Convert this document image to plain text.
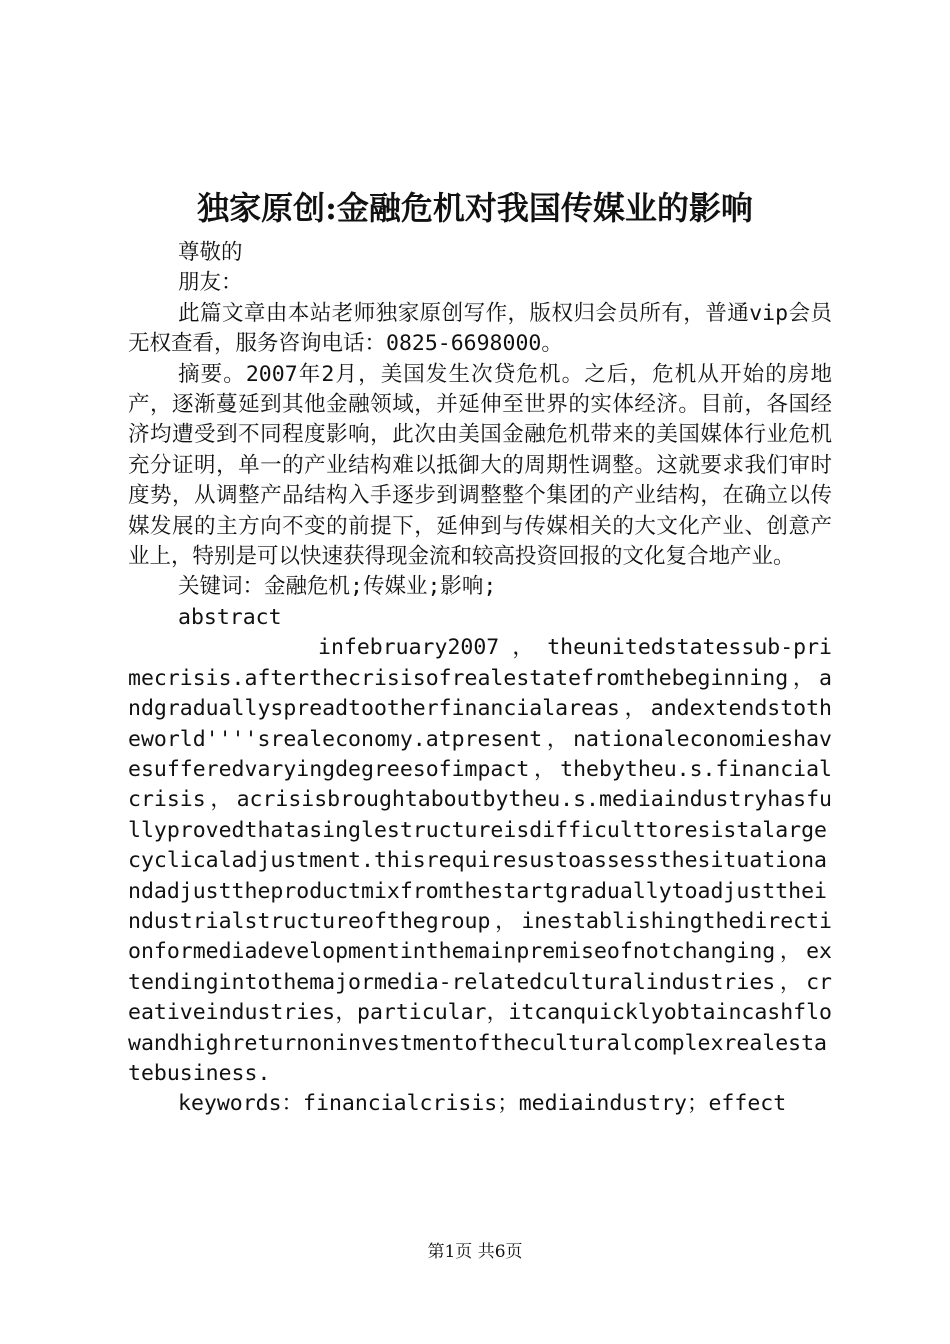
独家原创:金融危机对我国传媒业的影响

尊敬的

朋友：

此篇文章由本站老师独家原创写作，版权归会员所有，普通vip会员无权查看，服务咨询电话：0825-6698000。

摘要。2007年2月，美国发生次贷危机。之后，危机从开始的房地产，逐渐蔓延到其他金融领域，并延伸至世界的实体经济。目前，各国经济均遭受到不同程度影响，此次由美国金融危机带来的美国媒体行业危机充分证明，单一的产业结构难以抵御大的周期性调整。这就要求我们审时度势，从调整产品结构入手逐步到调整整个集团的产业结构，在确立以传媒发展的主方向不变的前提下，延伸到与传媒相关的大文化产业、创意产业上，特别是可以快速获得现金流和较高投资回报的文化复合地产业。

关键词：金融危机;传媒业;影响;

abstract

infebruary2007 ， theunitedstatessub-primecrisis.afterthecrisisofrealestatefromthebeginning，andgraduallyspreadtootherfinancialareas，andextendstotheworld''''srealeconomy.atpresent，nationaleconomieshavesufferedvaryingdegreesofimpact，thebytheu.s.financialcrisis，acrisisbroughtaboutbytheu.s.mediaindustryhasfullyprovedthatasinglestructureisdifficulttoresistalargecyclicaladjustment.thisrequiresustoassessthesituationandadjusttheproductmixfromthestartgraduallytoadjusttheindustrialstructureofthegroup，inestablishingthedirectionformediadevelopmentinthemainpremiseofnotchanging，extendingintothemajormedia-relatedculturalindustries，creativeindustries，particular，itcanquicklyobtaincashflowandhighreturnoninvestmentoftheculturalcomplexrealestatebusiness.

keywords：financialcrisis；mediaindustry；effect

第1页 共6页
